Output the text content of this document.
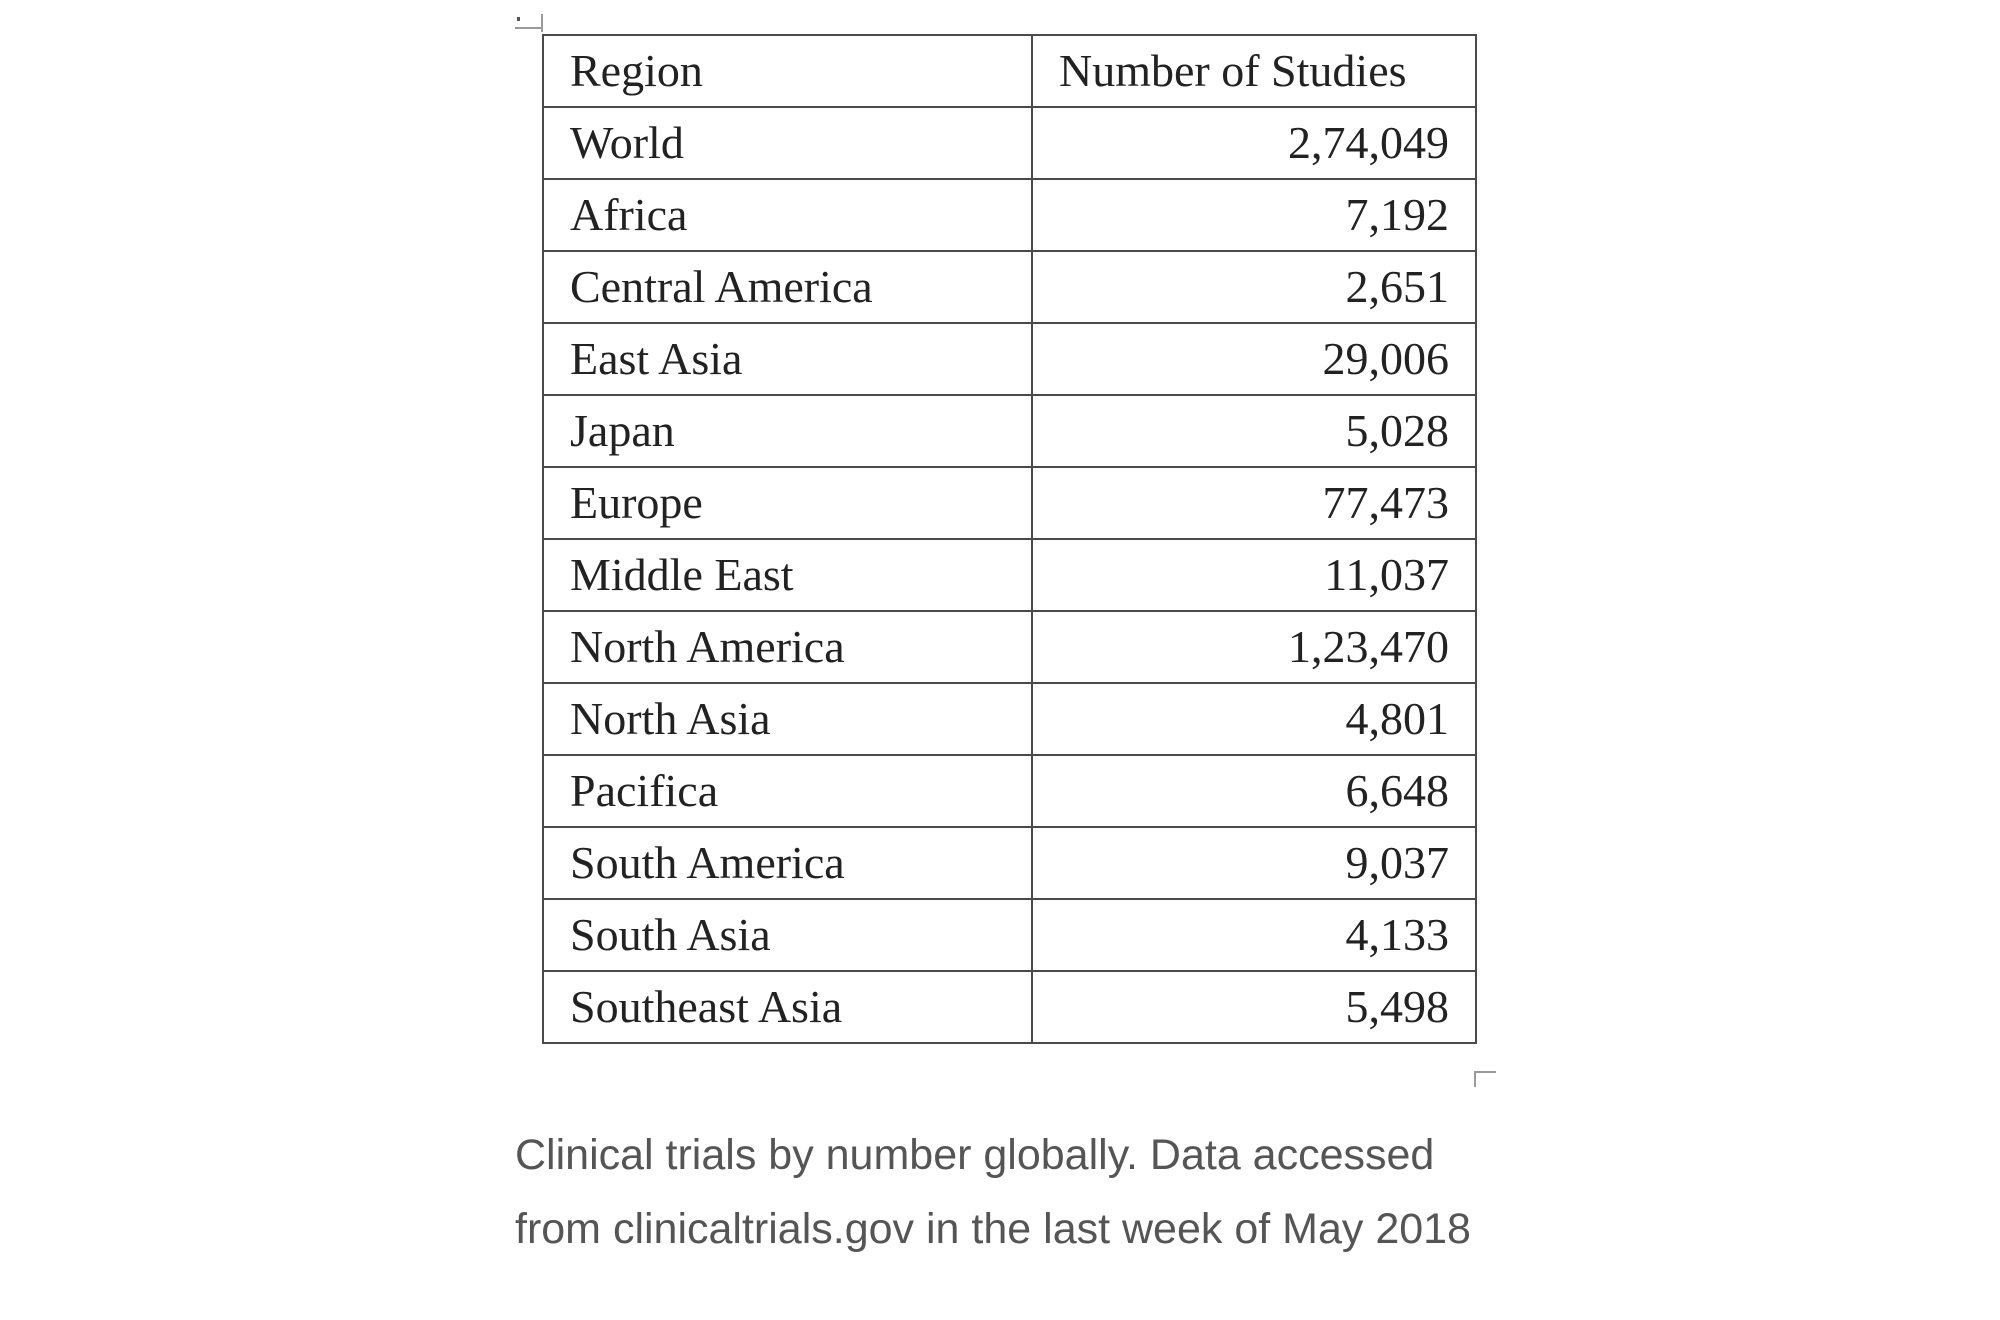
Region	Number of Studies
World	2,74,049
Africa	7,192
Central America	2,651
East Asia	29,006
Japan	5,028
Europe	77,473
Middle East	11,037
North America	1,23,470
North Asia	4,801
Pacifica	6,648
South America	9,037
South Asia	4,133
Southeast Asia	5,498

Clinical trials by number globally. Data accessed from clinicaltrials.gov in the last week of May 2018
